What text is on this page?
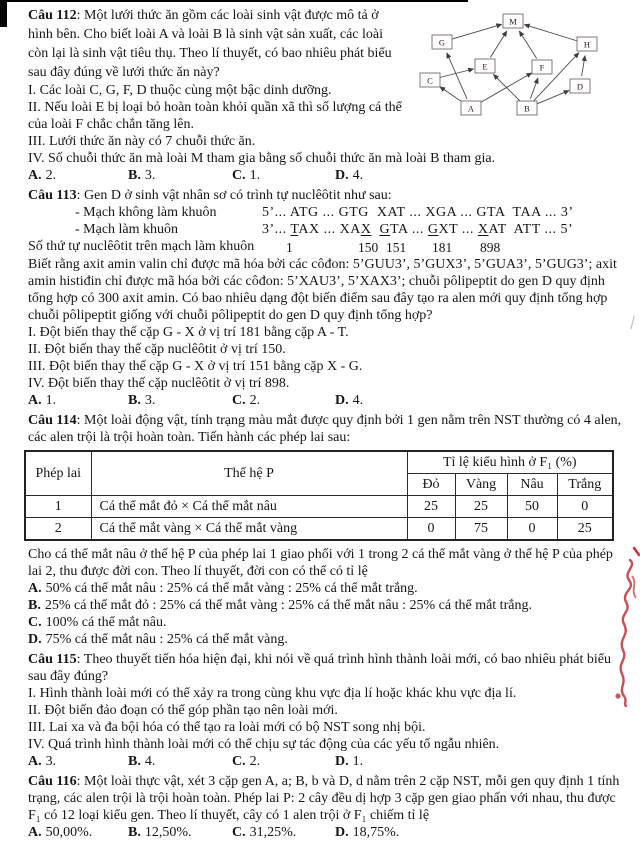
M
G	H
E	F
C
D
A	B

Câu 112: Một lưới thức ăn gồm các loài sinh vật được mô tả ở hình bên. Cho biết loài A và loài B là sinh vật sản xuất, các loài còn lại là sinh vật tiêu thụ. Theo lí thuyết, có bao nhiêu phát biểu sau đây đúng về lưới thức ăn này?

I. Các loài C, G, F, D thuộc cùng một bậc dinh dưỡng.

II. Nếu loài E bị loại bỏ hoàn toàn khỏi quần xã thì số lượng cá thể của loài F chắc chắn tăng lên.

III. Lưới thức ăn này có 7 chuỗi thức ăn.

IV. Số chuỗi thức ăn mà loài M tham gia bằng số chuỗi thức ăn mà loài B tham gia.

A. 2.	B. 3.	C. 1.	D. 4.

Câu 113: Gen D ở sinh vật nhân sơ có trình tự nuclêôtit như sau:

- Mạch không làm khuôn	5’... ATG ... GTG  XAT ... XGA ... GTA  TAA ... 3’
- Mạch làm khuôn	3’... TAX ... XAX GTA ... GXT ... XAT  ATT ... 5’
Số thứ tự nuclêôtit trên mạch làm khuôn 1	150 151 181 898

Biết rằng axit amin valin chỉ được mã hóa bởi các côđon: 5’GUU3’, 5’GUX3’, 5’GUA3’, 5’GUG3’; axit amin histiđin chỉ được mã hóa bởi các côđon: 5’XAU3’, 5’XAX3’; chuỗi pôlipeptit do gen D quy định tổng hợp có 300 axit amin. Có bao nhiêu dạng đột biến điểm sau đây tạo ra alen mới quy định tổng hợp chuỗi pôlipeptit giống với chuỗi pôlipeptit do gen D quy định tổng hợp?

I. Đột biến thay thế cặp G - X ở vị trí 181 bằng cặp A - T.

II. Đột biến thay thế cặp nuclêôtit ở vị trí 150.

III. Đột biến thay thế cặp G - X ở vị trí 151 bằng cặp X - G.

IV. Đột biến thay thế cặp nuclêôtit ở vị trí 898.

A. 1.	B. 3.	C. 2.	D. 4.

Câu 114: Một loài động vật, tính trạng màu mắt được quy định bởi 1 gen nằm trên NST thường có 4 alen, các alen trội là trội hoàn toàn. Tiến hành các phép lai sau:

Phép lai	Thế hệ P	Tỉ lệ kiểu hình ở F₁ (%)			
		Đỏ	Vàng	Nâu	Trắng
1	Cá thể mắt đỏ × Cá thể mắt nâu	25	25	50	0
2	Cá thể mắt vàng × Cá thể mắt vàng	0	75	0	25

Cho cá thể mắt nâu ở thế hệ P của phép lai 1 giao phối với 1 trong 2 cá thể mắt vàng ở thế hệ P của phép lai 2, thu được đời con. Theo lí thuyết, đời con có thể có tỉ lệ

A. 50% cá thể mắt nâu : 25% cá thể mắt vàng : 25% cá thể mắt trắng.
B. 25% cá thể mắt đỏ : 25% cá thể mắt vàng : 25% cá thể mắt nâu : 25% cá thể mắt trắng.
C. 100% cá thể mắt nâu.
D. 75% cá thể mắt nâu : 25% cá thể mắt vàng.

Câu 115: Theo thuyết tiến hóa hiện đại, khi nói về quá trình hình thành loài mới, có bao nhiêu phát biểu sau đây đúng?

I. Hình thành loài mới có thể xảy ra trong cùng khu vực địa lí hoặc khác khu vực địa lí.

II. Đột biến đảo đoạn có thể góp phần tạo nên loài mới.

III. Lai xa và đa bội hóa có thể tạo ra loài mới có bộ NST song nhị bội.

IV. Quá trình hình thành loài mới có thể chịu sự tác động của các yếu tố ngẫu nhiên.

A. 3.	B. 4.	C. 2.	D. 1.

Câu 116: Một loài thực vật, xét 3 cặp gen A, a; B, b và D, d nằm trên 2 cặp NST, mỗi gen quy định 1 tính trạng, các alen trội là trội hoàn toàn. Phép lai P: 2 cây đều dị hợp 3 cặp gen giao phấn với nhau, thu được F₁ có 12 loại kiểu gen. Theo lí thuyết, cây có 1 alen trội ở F₁ chiếm tỉ lệ

A. 50,00%.	B. 12,50%.	C. 31,25%.	D. 18,75%.
